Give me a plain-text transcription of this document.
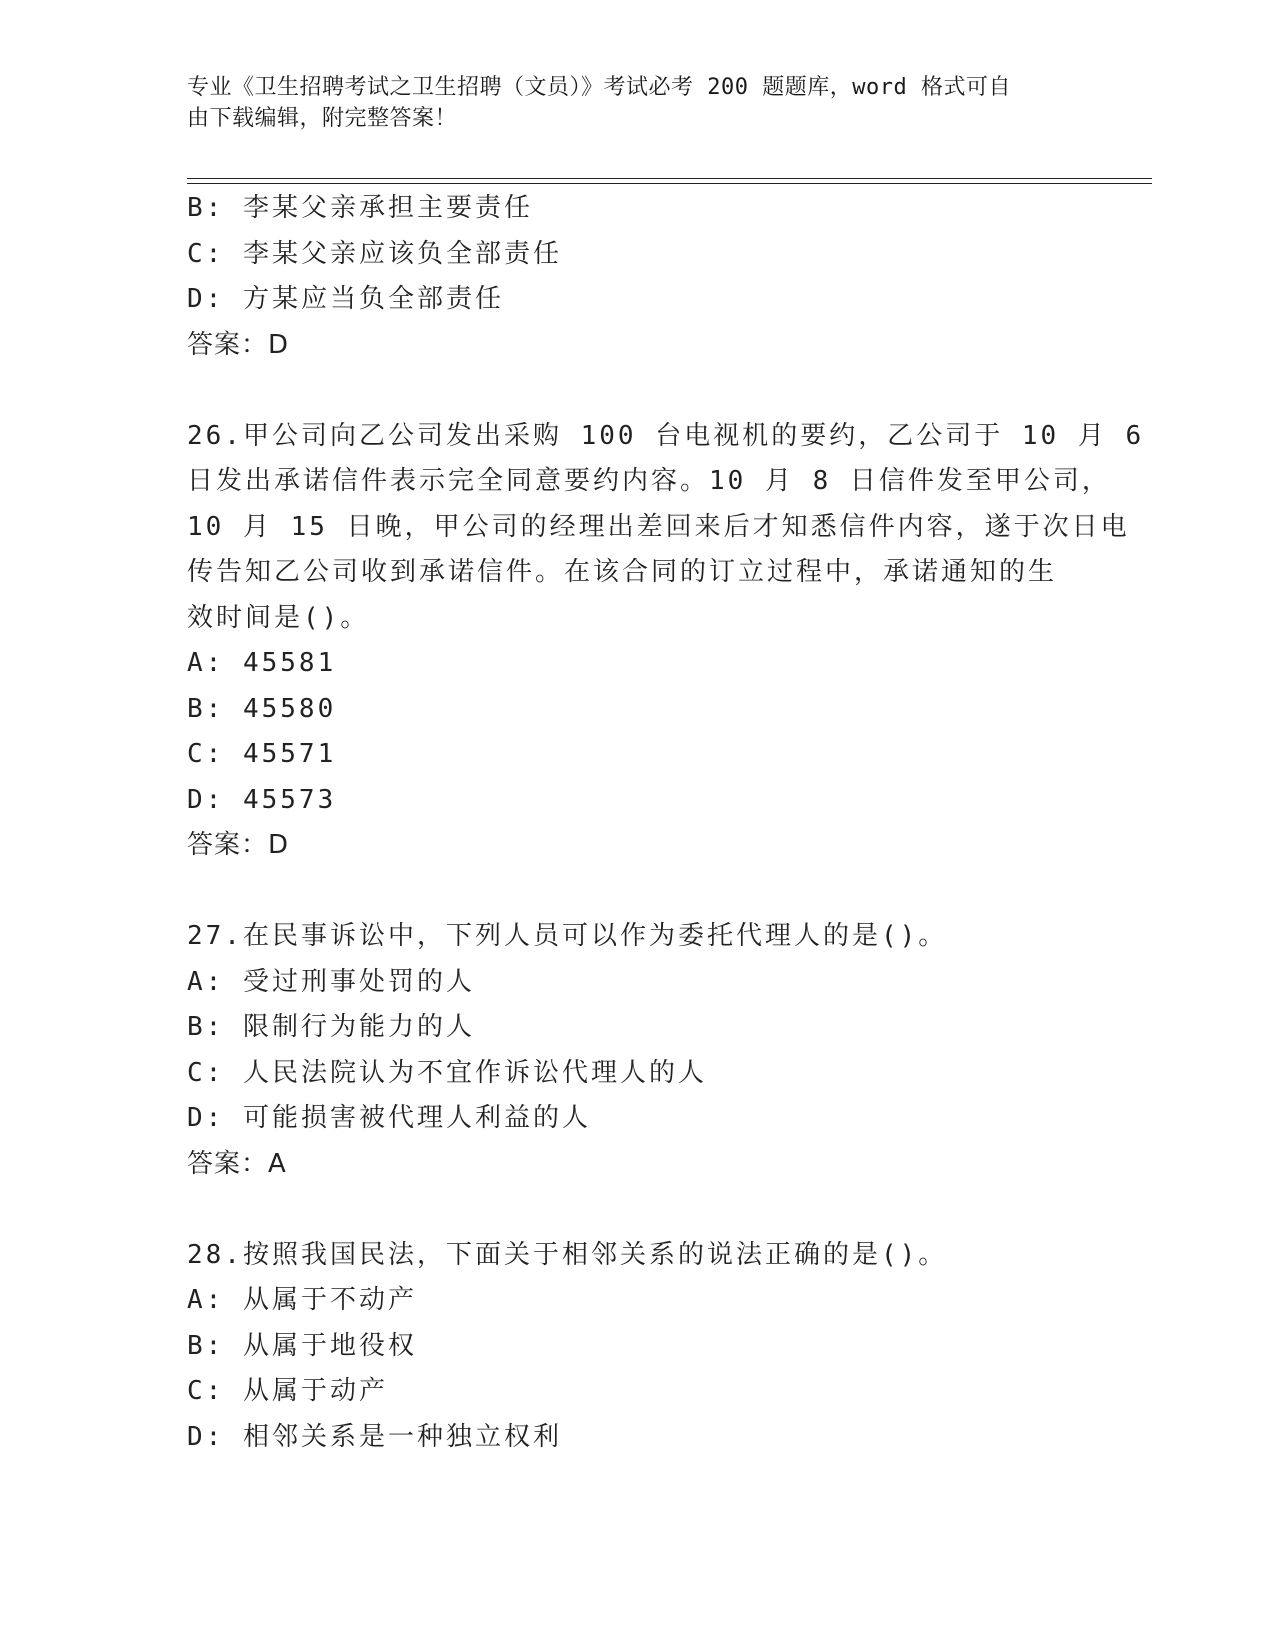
专业《卫生招聘考试之卫生招聘（文员）》考试必考 200 题题库，word 格式可自
由下载编辑，附完整答案！
B: 李某父亲承担主要责任
C: 李某父亲应该负全部责任
D: 方某应当负全部责任
答案：D
26.甲公司向乙公司发出采购 100 台电视机的要约，乙公司于 10 月 6
日发出承诺信件表示完全同意要约内容。10 月 8 日信件发至甲公司，
10 月 15 日晚，甲公司的经理出差回来后才知悉信件内容，遂于次日电
传告知乙公司收到承诺信件。在该合同的订立过程中，承诺通知的生
效时间是()。
A: 45581
B: 45580
C: 45571
D: 45573
答案：D
27.在民事诉讼中，下列人员可以作为委托代理人的是()。
A: 受过刑事处罚的人
B: 限制行为能力的人
C: 人民法院认为不宜作诉讼代理人的人
D: 可能损害被代理人利益的人
答案：A
28.按照我国民法，下面关于相邻关系的说法正确的是()。
A: 从属于不动产
B: 从属于地役权
C: 从属于动产
D: 相邻关系是一种独立权利
